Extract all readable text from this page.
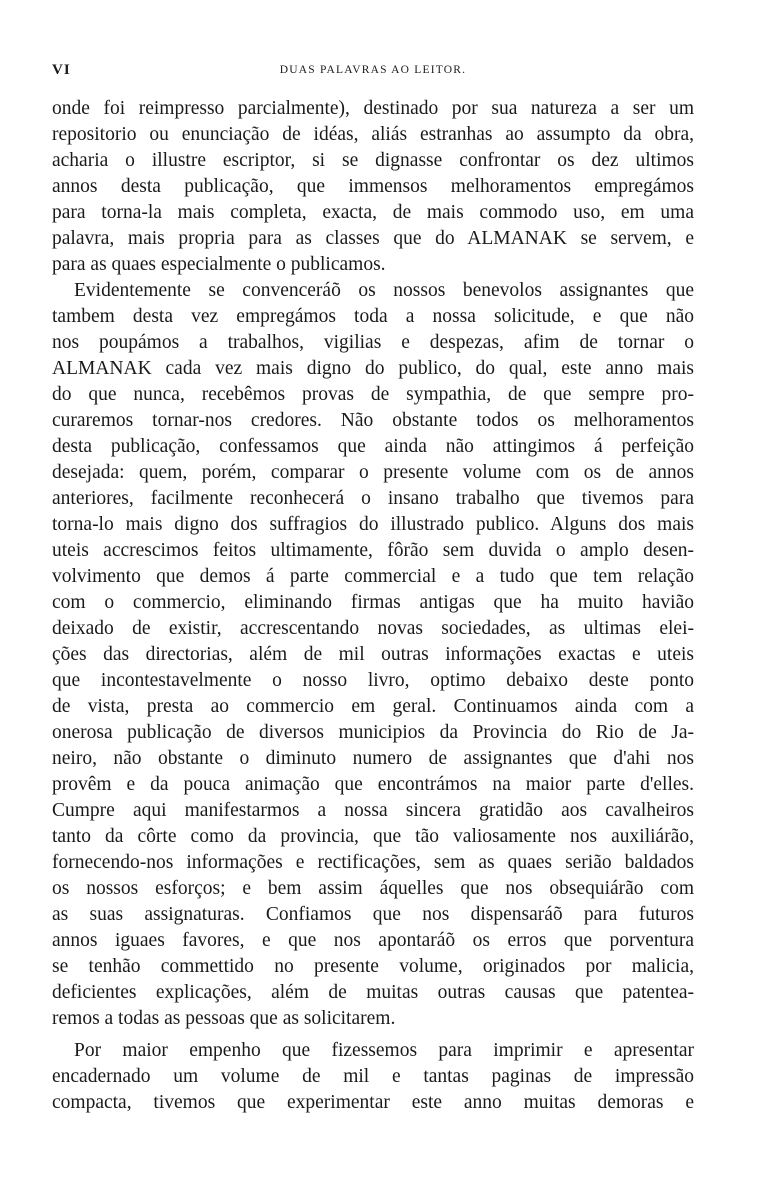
VI	DUAS PALAVRAS AO LEITOR.
onde foi reimpresso parcialmente), destinado por sua natureza a ser um
repositorio ou enunciação de idéas, aliás estranhas ao assumpto da obra,
acharia o illustre escriptor, si se dignasse confrontar os dez ultimos
annos desta publicação, que immensos melhoramentos empregámos
para torna-la mais completa, exacta, de mais commodo uso, em uma
palavra, mais propria para as classes que do ALMANAK se servem, e
para as quaes especialmente o publicamos.
Evidentemente se convenceráõ os nossos benevolos assignantes que
tambem desta vez empregámos toda a nossa solicitude, e que não
nos poupámos a trabalhos, vigilias e despezas, afim de tornar o
ALMANAK cada vez mais digno do publico, do qual, este anno mais
do que nunca, recebêmos provas de sympathia, de que sempre pro-
curaremos tornar-nos credores. Não obstante todos os melhoramentos
desta publicação, confessamos que ainda não attingimos á perfeição
desejada: quem, porém, comparar o presente volume com os de annos
anteriores, facilmente reconhecerá o insano trabalho que tivemos para
torna-lo mais digno dos suffragios do illustrado publico. Alguns dos mais
uteis accrescimos feitos ultimamente, fôrão sem duvida o amplo desen-
volvimento que demos á parte commercial e a tudo que tem relação
com o commercio, eliminando firmas antigas que ha muito havião
deixado de existir, accrescentando novas sociedades, as ultimas elei-
ções das directorias, além de mil outras informações exactas e uteis
que incontestavelmente o nosso livro, optimo debaixo deste ponto
de vista, presta ao commercio em geral. Continuamos ainda com a
onerosa publicação de diversos municipios da Provincia do Rio de Ja-
neiro, não obstante o diminuto numero de assignantes que d'ahi nos
provêm e da pouca animação que encontrámos na maior parte d'elles.
Cumpre aqui manifestarmos a nossa sincera gratidão aos cavalheiros
tanto da côrte como da provincia, que tão valiosamente nos auxiliárão,
fornecendo-nos informações e rectificações, sem as quaes serião baldados
os nossos esforços; e bem assim áquelles que nos obsequiárão com
as suas assignaturas. Confiamos que nos dispensaráõ para futuros
annos iguaes favores, e que nos apontaráõ os erros que porventura
se tenhão commettido no presente volume, originados por malicia,
deficientes explicações, além de muitas outras causas que patentea-
remos a todas as pessoas que as solicitarem.
Por maior empenho que fizessemos para imprimir e apresentar
encadernado um volume de mil e tantas paginas de impressão
compacta, tivemos que experimentar este anno muitas demoras e
